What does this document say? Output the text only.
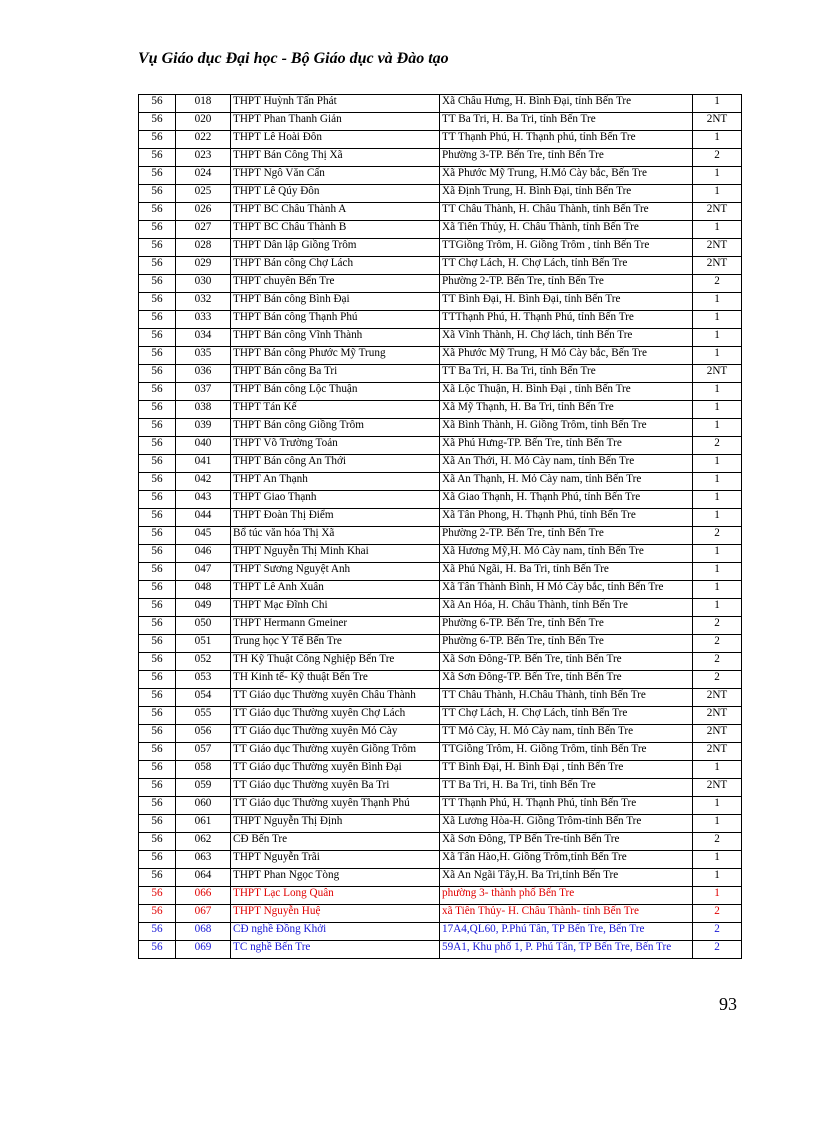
Vụ Giáo dục Đại học - Bộ Giáo dục và Đào tạo
56	018	THPT Huỳnh Tấn Phát	Xã Châu Hưng, H. Bình Đại, tỉnh Bến Tre	1
56	020	THPT Phan Thanh Giản	TT Ba Tri, H. Ba Tri, tỉnh Bến Tre	2NT
56	022	THPT Lê Hoài Đôn	TT Thạnh Phú, H. Thạnh phú, tỉnh Bến Tre	1
56	023	THPT Bán Công Thị Xã	Phường 3-TP. Bến Tre, tỉnh Bến Tre	2
56	024	THPT Ngô Văn Cấn	Xã Phước Mỹ Trung, H.Mỏ Cày bắc, Bến Tre	1
56	025	THPT Lê Qúy Đôn	Xã Định Trung, H. Bình Đại, tỉnh Bến Tre	1
56	026	THPT BC Châu Thành A	TT Châu Thành, H. Châu Thành, tỉnh Bến Tre	2NT
56	027	THPT BC Châu Thành B	Xã Tiên Thủy, H. Châu Thành, tỉnh Bến Tre	1
56	028	THPT Dân lập Giồng Trôm	TTGiồng Trôm, H. Giồng Trôm , tỉnh Bến Tre	2NT
56	029	THPT Bán công Chợ Lách	TT Chợ Lách, H. Chợ Lách, tỉnh Bến Tre	2NT
56	030	THPT chuyên Bến Tre	Phường 2-TP. Bến Tre, tỉnh Bến Tre	2
56	032	THPT Bán công Bình Đại	TT Bình Đại, H. Bình Đại, tỉnh Bến Tre	1
56	033	THPT Bán công Thạnh Phú	TTThạnh Phú, H. Thạnh Phú, tỉnh Bến Tre	1
56	034	THPT Bán công Vĩnh Thành	Xã Vĩnh Thành, H. Chợ lách, tỉnh Bến Tre	1
56	035	THPT Bán công Phước Mỹ Trung	Xã Phước Mỹ Trung, H Mỏ Cày bắc, Bến Tre	1
56	036	THPT Bán công Ba Tri	TT Ba Tri, H. Ba Tri, tỉnh Bến Tre	2NT
56	037	THPT Bán công Lộc Thuận	Xã Lộc Thuận, H. Bình Đại , tỉnh Bến Tre	1
56	038	THPT Tán Kế	Xã Mỹ Thạnh, H. Ba Tri, tỉnh Bến Tre	1
56	039	THPT Bán công Giồng Trôm	Xã Bình Thành, H. Giồng Trôm, tỉnh Bến Tre	1
56	040	THPT Võ Trường Toản	Xã Phú Hưng-TP. Bến Tre, tỉnh Bến Tre	2
56	041	THPT Bán công An Thới	Xã An Thới, H. Mỏ Cày nam, tỉnh Bến Tre	1
56	042	THPT An Thạnh	Xã An Thạnh, H. Mỏ Cày nam, tỉnh Bến Tre	1
56	043	THPT Giao Thạnh	Xã Giao Thạnh, H. Thạnh Phú, tỉnh Bến Tre	1
56	044	THPT Đoàn Thị Điểm	Xã Tân Phong, H. Thạnh Phú, tỉnh Bến Tre	1
56	045	Bổ túc văn hóa Thị Xã	Phường 2-TP. Bến Tre, tỉnh Bến Tre	2
56	046	THPT Nguyễn Thị Minh Khai	Xã Hương Mỹ,H. Mỏ Cày nam, tỉnh Bến Tre	1
56	047	THPT Sương Nguyệt Anh	Xã Phú Ngãi, H. Ba Tri, tỉnh Bến Tre	1
56	048	THPT Lê Anh Xuân	Xã Tân Thành Bình, H Mỏ Cày bắc, tỉnh Bến Tre	1
56	049	THPT Mạc Đĩnh Chi	Xã An Hóa, H. Châu Thành, tỉnh Bến Tre	1
56	050	THPT Hermann Gmeiner	Phường 6-TP. Bến Tre, tỉnh Bến Tre	2
56	051	Trung học Y Tế Bến Tre	Phường 6-TP. Bến Tre, tỉnh Bến Tre	2
56	052	TH Kỹ Thuật Công Nghiệp Bến Tre	Xã Sơn Đông-TP. Bến Tre, tỉnh Bến Tre	2
56	053	TH Kinh tế- Kỹ thuật Bến Tre	Xã Sơn Đông-TP. Bến Tre, tỉnh Bến Tre	2
56	054	TT Giáo dục Thường xuyên Châu Thành	TT Châu Thành, H.Châu Thành, tỉnh Bến Tre	2NT
56	055	TT Giáo dục Thường xuyên Chợ Lách	TT Chợ Lách, H. Chợ Lách, tỉnh Bến Tre	2NT
56	056	TT Giáo dục Thường xuyên Mỏ Cày	TT Mỏ Cày, H. Mỏ Cày nam, tỉnh Bến Tre	2NT
56	057	TT Giáo dục Thường xuyên Giồng Trôm	TTGiồng Trôm, H. Giồng Trôm, tỉnh Bến Tre	2NT
56	058	TT Giáo dục Thường xuyên Bình Đại	TT Bình Đại, H. Bình Đại , tỉnh Bến Tre	1
56	059	TT Giáo dục Thường xuyên Ba Tri	TT Ba Tri, H. Ba Tri, tỉnh Bến Tre	2NT
56	060	TT Giáo dục Thường xuyên Thạnh Phú	TT Thạnh Phú, H. Thạnh Phú, tỉnh Bến Tre	1
56	061	THPT Nguyễn Thị Định	Xã Lương Hòa-H. Giồng Trôm-tỉnh Bến Tre	1
56	062	CĐ Bến Tre	Xã Sơn Đông, TP Bến Tre-tỉnh Bến Tre	2
56	063	THPT Nguyễn Trãi	Xã Tân Hào,H. Giồng Trôm,tỉnh Bến Tre	1
56	064	THPT Phan Ngọc Tòng	Xã An Ngãi Tây,H. Ba Tri,tỉnh Bến Tre	1
56	066	THPT Lạc Long Quân	phường 3- thành phố Bến Tre	1
56	067	THPT Nguyễn Huệ	xã Tiên Thủy- H. Châu Thành- tỉnh Bến Tre	2
56	068	CĐ nghề Đồng Khởi	17A4,QL60, P.Phú Tân, TP Bến Tre, Bến Tre	2
56	069	TC nghề Bến Tre	59A1, Khu phố 1, P. Phú Tân, TP Bến Tre, Bến Tre	2
93
